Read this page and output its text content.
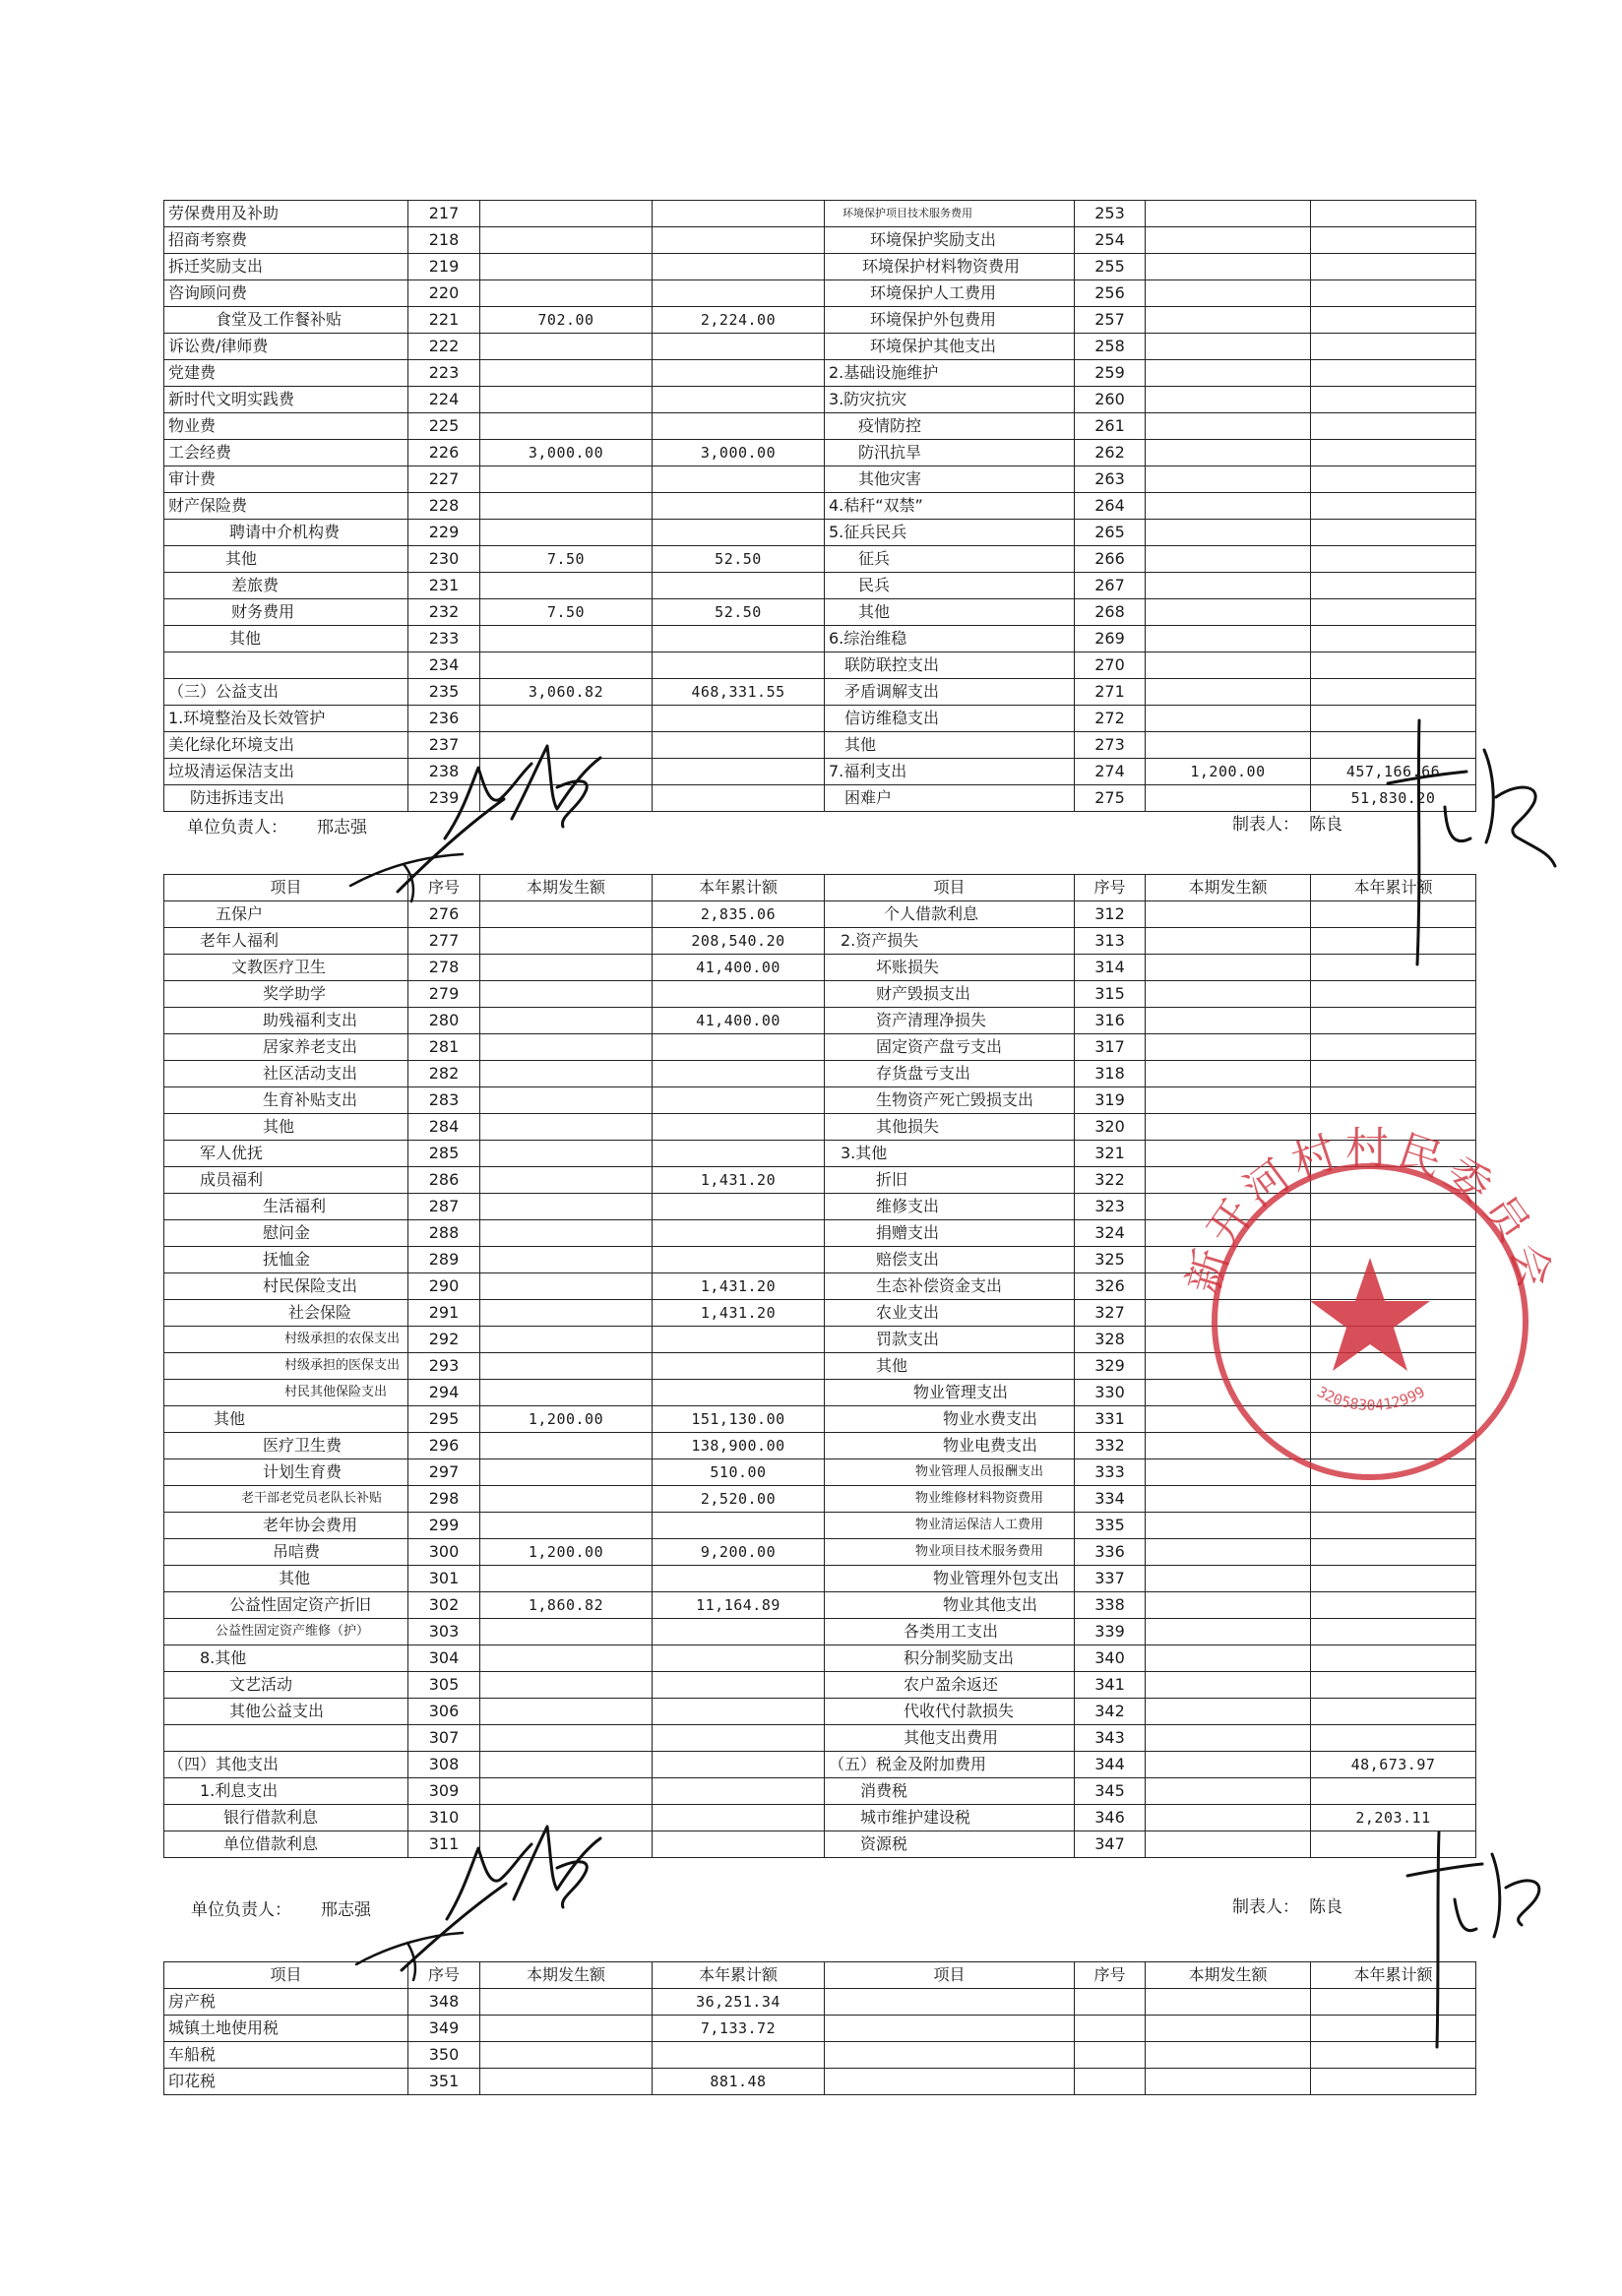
劳保费用及补助	217			环境保护项目技术服务费用	253		
招商考察费	218			环境保护奖励支出	254		
拆迁奖励支出	219			环境保护材料物资费用	255		
咨询顾问费	220			环境保护人工费用	256		
食堂及工作餐补贴	221	702.00	2,224.00	环境保护外包费用	257		
诉讼费/律师费	222			环境保护其他支出	258		
党建费	223			2.基础设施维护	259		
新时代文明实践费	224			3.防灾抗灾	260		
物业费	225			疫情防控	261		
工会经费	226	3,000.00	3,000.00	防汛抗旱	262		
审计费	227			其他灾害	263		
财产保险费	228			4.秸秆“双禁”	264		
聘请中介机构费	229			5.征兵民兵	265		
其他	230	7.50	52.50	征兵	266		
差旅费	231			民兵	267		
财务费用	232	7.50	52.50	其他	268		
其他	233			6.综治维稳	269		
	234			联防联控支出	270		
（三）公益支出	235	3,060.82	468,331.55	矛盾调解支出	271		
1.环境整治及长效管护	236			信访维稳支出	272		
美化绿化环境支出	237			其他	273		
垃圾清运保洁支出	238			7.福利支出	274	1,200.00	457,166.66
防违拆违支出	239			困难户	275		51,830.20
单位负责人： 邢志强	制表人： 陈良
项目	序号	本期发生额	本年累计额	项目	序号	本期发生额	本年累计额
五保户	276		2,835.06	个人借款利息	312		
老年人福利	277		208,540.20	2.资产损失	313		
文教医疗卫生	278		41,400.00	坏账损失	314		
奖学助学	279			财产毁损支出	315		
助残福利支出	280		41,400.00	资产清理净损失	316		
居家养老支出	281			固定资产盘亏支出	317		
社区活动支出	282			存货盘亏支出	318		
生育补贴支出	283			生物资产死亡毁损支出	319		
其他	284			其他损失	320		
军人优抚	285			3.其他	321		
成员福利	286		1,431.20	折旧	322		
生活福利	287			维修支出	323		
慰问金	288			捐赠支出	324		
抚恤金	289			赔偿支出	325		
村民保险支出	290		1,431.20	生态补偿资金支出	326		
社会保险	291		1,431.20	农业支出	327		
村级承担的农保支出	292			罚款支出	328		
村级承担的医保支出	293			其他	329		
村民其他保险支出	294			物业管理支出	330		
其他	295	1,200.00	151,130.00	物业水费支出	331		
医疗卫生费	296		138,900.00	物业电费支出	332		
计划生育费	297		510.00	物业管理人员报酬支出	333		
老干部老党员老队长补贴	298		2,520.00	物业维修材料物资费用	334		
老年协会费用	299			物业清运保洁人工费用	335		
吊唁费	300	1,200.00	9,200.00	物业项目技术服务费用	336		
其他	301			物业管理外包支出	337		
公益性固定资产折旧	302	1,860.82	11,164.89	物业其他支出	338		
公益性固定资产维修（护）	303			各类用工支出	339		
8.其他	304			积分制奖励支出	340		
文艺活动	305			农户盈余返还	341		
其他公益支出	306			代收代付款损失	342		
	307			其他支出费用	343		
（四）其他支出	308			（五）税金及附加费用	344		48,673.97
1.利息支出	309			消费税	345		
银行借款利息	310			城市维护建设税	346		2,203.11
单位借款利息	311			资源税	347		
单位负责人： 邢志强	制表人： 陈良
项目	序号	本期发生额	本年累计额	项目	序号	本期发生额	本年累计额
房产税	348		36,251.34				
城镇土地使用税	349		7,133.72				
车船税	350						
印花税	351		881.48				
新开河村村民委员会
3205830412999
